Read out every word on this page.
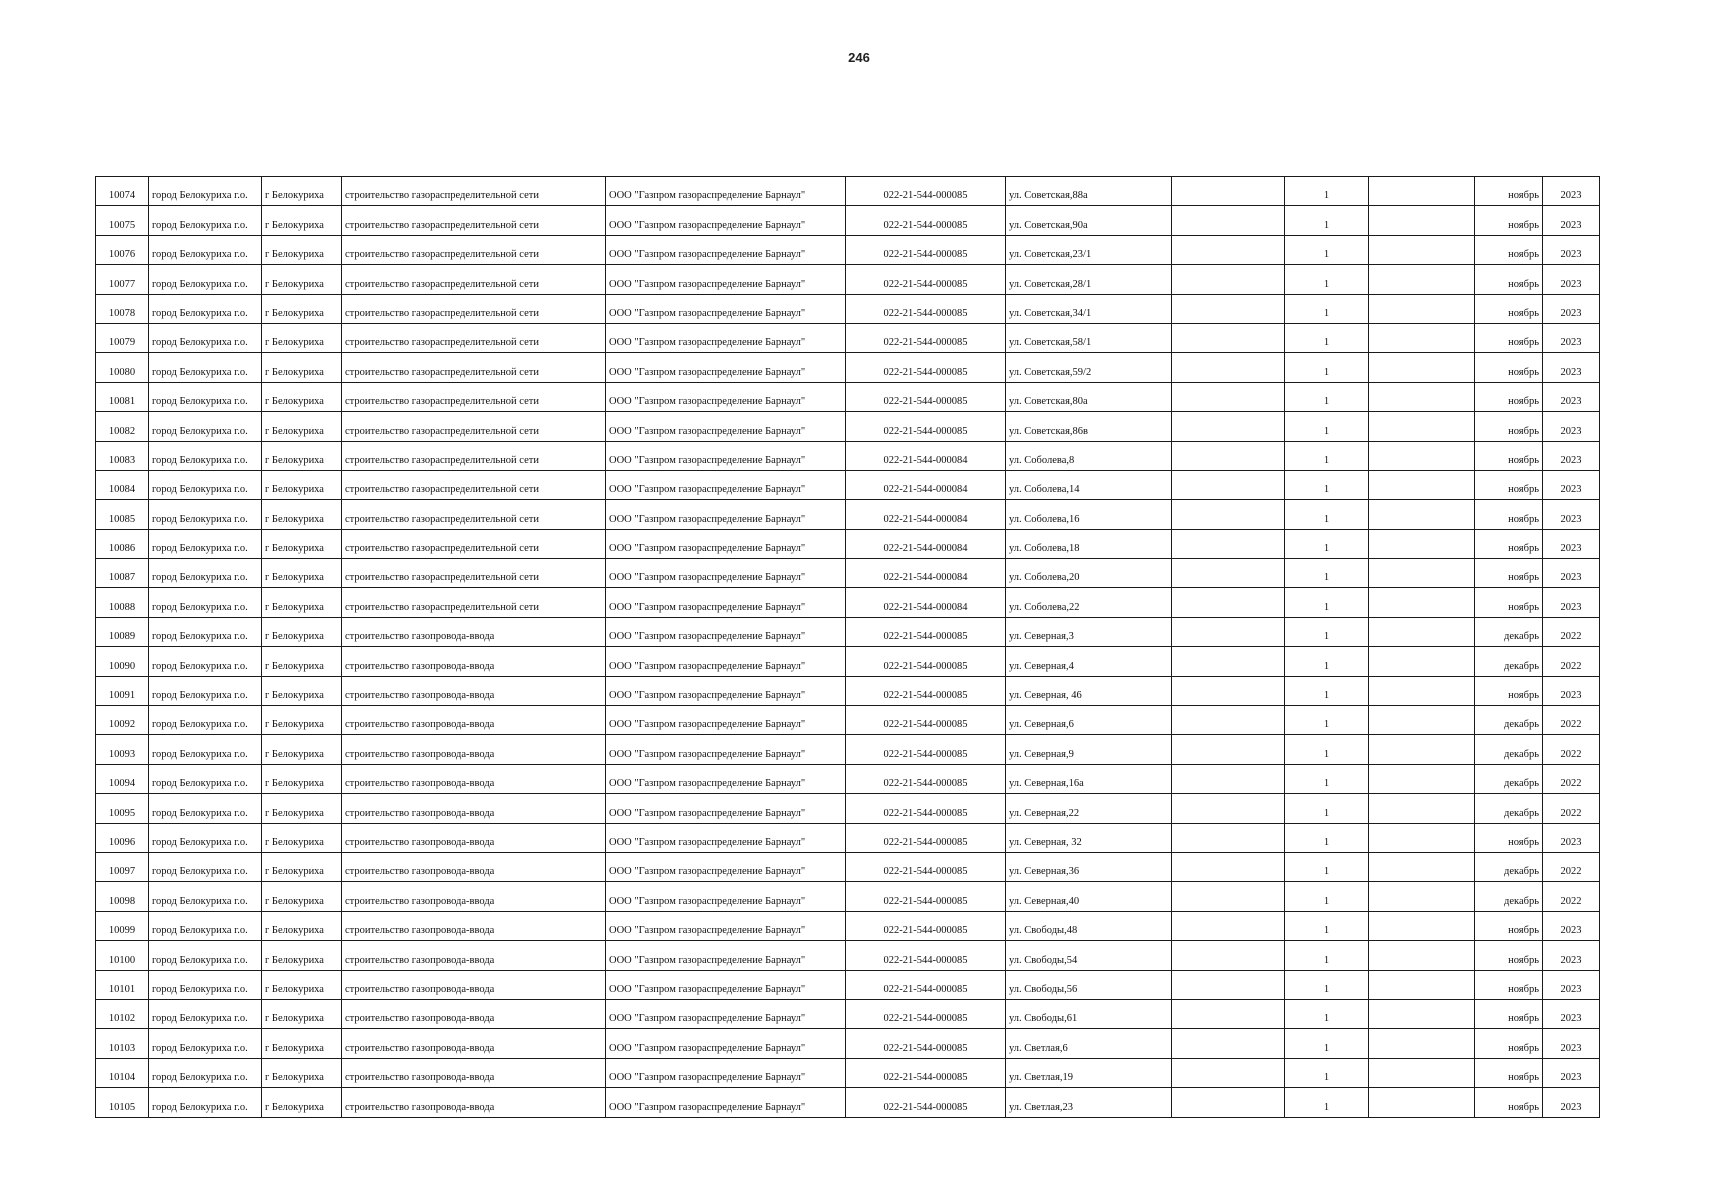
246
10074	город Белокуриха г.о.	г Белокуриха	строительство газораспределительной сети	ООО "Газпром газораспределение Барнаул"	022-21-544-000085	ул. Советская,88а		1		ноябрь	2023
10075	город Белокуриха г.о.	г Белокуриха	строительство газораспределительной сети	ООО "Газпром газораспределение Барнаул"	022-21-544-000085	ул. Советская,90а		1		ноябрь	2023
10076	город Белокуриха г.о.	г Белокуриха	строительство газораспределительной сети	ООО "Газпром газораспределение Барнаул"	022-21-544-000085	ул. Советская,23/1		1		ноябрь	2023
10077	город Белокуриха г.о.	г Белокуриха	строительство газораспределительной сети	ООО "Газпром газораспределение Барнаул"	022-21-544-000085	ул. Советская,28/1		1		ноябрь	2023
10078	город Белокуриха г.о.	г Белокуриха	строительство газораспределительной сети	ООО "Газпром газораспределение Барнаул"	022-21-544-000085	ул. Советская,34/1		1		ноябрь	2023
10079	город Белокуриха г.о.	г Белокуриха	строительство газораспределительной сети	ООО "Газпром газораспределение Барнаул"	022-21-544-000085	ул. Советская,58/1		1		ноябрь	2023
10080	город Белокуриха г.о.	г Белокуриха	строительство газораспределительной сети	ООО "Газпром газораспределение Барнаул"	022-21-544-000085	ул. Советская,59/2		1		ноябрь	2023
10081	город Белокуриха г.о.	г Белокуриха	строительство газораспределительной сети	ООО "Газпром газораспределение Барнаул"	022-21-544-000085	ул. Советская,80а		1		ноябрь	2023
10082	город Белокуриха г.о.	г Белокуриха	строительство газораспределительной сети	ООО "Газпром газораспределение Барнаул"	022-21-544-000085	ул. Советская,86в		1		ноябрь	2023
10083	город Белокуриха г.о.	г Белокуриха	строительство газораспределительной сети	ООО "Газпром газораспределение Барнаул"	022-21-544-000084	ул. Соболева,8		1		ноябрь	2023
10084	город Белокуриха г.о.	г Белокуриха	строительство газораспределительной сети	ООО "Газпром газораспределение Барнаул"	022-21-544-000084	ул. Соболева,14		1		ноябрь	2023
10085	город Белокуриха г.о.	г Белокуриха	строительство газораспределительной сети	ООО "Газпром газораспределение Барнаул"	022-21-544-000084	ул. Соболева,16		1		ноябрь	2023
10086	город Белокуриха г.о.	г Белокуриха	строительство газораспределительной сети	ООО "Газпром газораспределение Барнаул"	022-21-544-000084	ул. Соболева,18		1		ноябрь	2023
10087	город Белокуриха г.о.	г Белокуриха	строительство газораспределительной сети	ООО "Газпром газораспределение Барнаул"	022-21-544-000084	ул. Соболева,20		1		ноябрь	2023
10088	город Белокуриха г.о.	г Белокуриха	строительство газораспределительной сети	ООО "Газпром газораспределение Барнаул"	022-21-544-000084	ул. Соболева,22		1		ноябрь	2023
10089	город Белокуриха г.о.	г Белокуриха	строительство газопровода-ввода	ООО "Газпром газораспределение Барнаул"	022-21-544-000085	ул. Северная,3		1		декабрь	2022
10090	город Белокуриха г.о.	г Белокуриха	строительство газопровода-ввода	ООО "Газпром газораспределение Барнаул"	022-21-544-000085	ул. Северная,4		1		декабрь	2022
10091	город Белокуриха г.о.	г Белокуриха	строительство газопровода-ввода	ООО "Газпром газораспределение Барнаул"	022-21-544-000085	ул. Северная, 46		1		ноябрь	2023
10092	город Белокуриха г.о.	г Белокуриха	строительство газопровода-ввода	ООО "Газпром газораспределение Барнаул"	022-21-544-000085	ул. Северная,6		1		декабрь	2022
10093	город Белокуриха г.о.	г Белокуриха	строительство газопровода-ввода	ООО "Газпром газораспределение Барнаул"	022-21-544-000085	ул. Северная,9		1		декабрь	2022
10094	город Белокуриха г.о.	г Белокуриха	строительство газопровода-ввода	ООО "Газпром газораспределение Барнаул"	022-21-544-000085	ул. Северная,16а		1		декабрь	2022
10095	город Белокуриха г.о.	г Белокуриха	строительство газопровода-ввода	ООО "Газпром газораспределение Барнаул"	022-21-544-000085	ул. Северная,22		1		декабрь	2022
10096	город Белокуриха г.о.	г Белокуриха	строительство газопровода-ввода	ООО "Газпром газораспределение Барнаул"	022-21-544-000085	ул. Северная, 32		1		ноябрь	2023
10097	город Белокуриха г.о.	г Белокуриха	строительство газопровода-ввода	ООО "Газпром газораспределение Барнаул"	022-21-544-000085	ул. Северная,36		1		декабрь	2022
10098	город Белокуриха г.о.	г Белокуриха	строительство газопровода-ввода	ООО "Газпром газораспределение Барнаул"	022-21-544-000085	ул. Северная,40		1		декабрь	2022
10099	город Белокуриха г.о.	г Белокуриха	строительство газопровода-ввода	ООО "Газпром газораспределение Барнаул"	022-21-544-000085	ул. Свободы,48		1		ноябрь	2023
10100	город Белокуриха г.о.	г Белокуриха	строительство газопровода-ввода	ООО "Газпром газораспределение Барнаул"	022-21-544-000085	ул. Свободы,54		1		ноябрь	2023
10101	город Белокуриха г.о.	г Белокуриха	строительство газопровода-ввода	ООО "Газпром газораспределение Барнаул"	022-21-544-000085	ул. Свободы,56		1		ноябрь	2023
10102	город Белокуриха г.о.	г Белокуриха	строительство газопровода-ввода	ООО "Газпром газораспределение Барнаул"	022-21-544-000085	ул. Свободы,61		1		ноябрь	2023
10103	город Белокуриха г.о.	г Белокуриха	строительство газопровода-ввода	ООО "Газпром газораспределение Барнаул"	022-21-544-000085	ул. Светлая,6		1		ноябрь	2023
10104	город Белокуриха г.о.	г Белокуриха	строительство газопровода-ввода	ООО "Газпром газораспределение Барнаул"	022-21-544-000085	ул. Светлая,19		1		ноябрь	2023
10105	город Белокуриха г.о.	г Белокуриха	строительство газопровода-ввода	ООО "Газпром газораспределение Барнаул"	022-21-544-000085	ул. Светлая,23		1		ноябрь	2023
